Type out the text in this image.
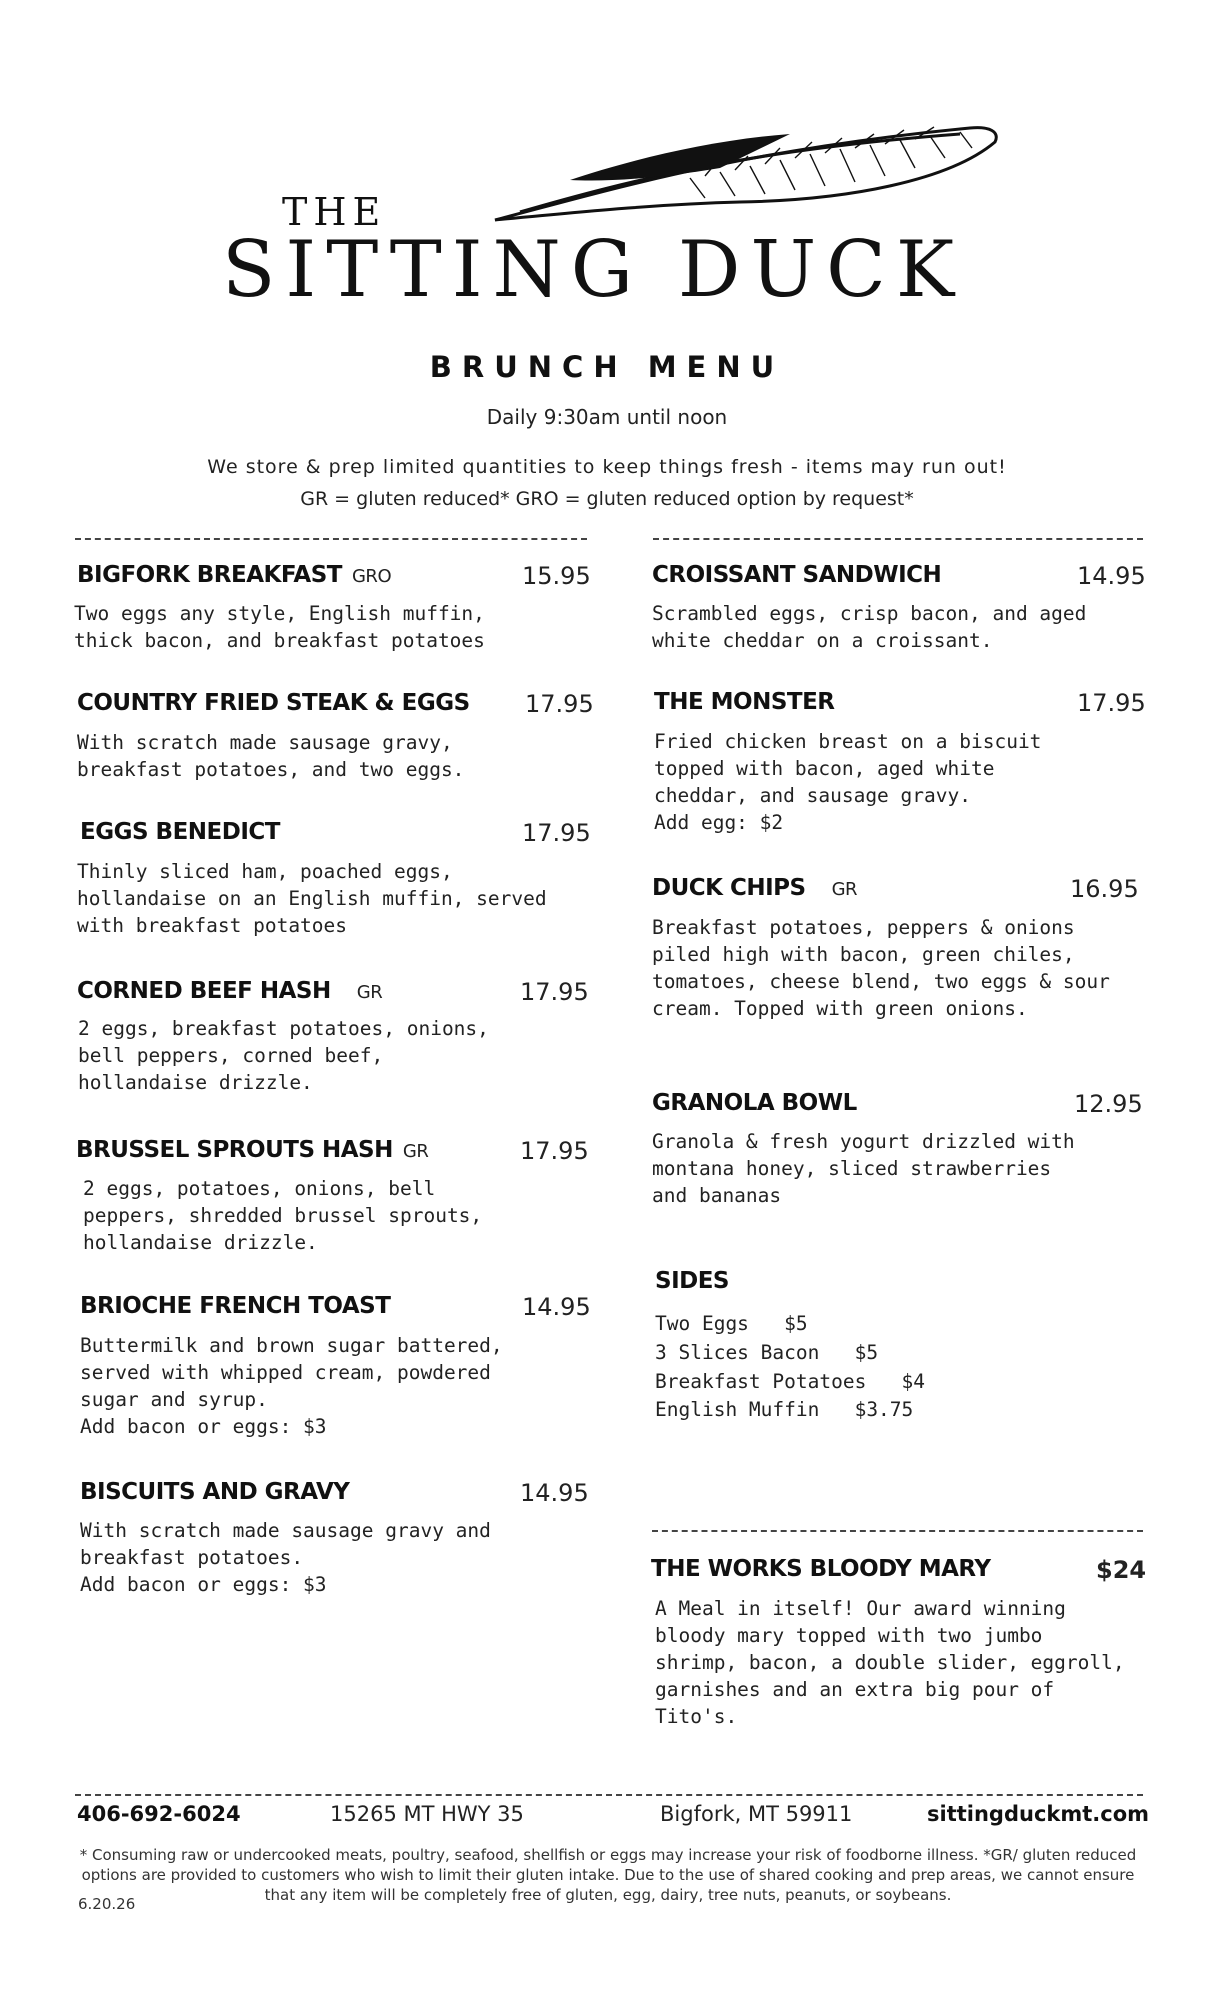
THE
SITTING DUCK
BRUNCH MENU
Daily 9:30am until noon
We store & prep limited quantities to keep things fresh - items may run out!
GR = gluten reduced* GRO = gluten reduced option by request*
BIGFORK BREAKFAST GRO	15.95
Two eggs any style, English muffin,
thick bacon, and breakfast potatoes
COUNTRY FRIED STEAK & EGGS 17.95
With scratch made sausage gravy,
breakfast potatoes, and two eggs.
EGGS BENEDICT	17.95
Thinly sliced ham, poached eggs,
hollandaise on an English muffin, served
with breakfast potatoes
CORNED BEEF HASH GR	17.95
2 eggs, breakfast potatoes, onions,
bell peppers, corned beef,
hollandaise drizzle.
BRUSSEL SPROUTS HASH GR	17.95
2 eggs, potatoes, onions, bell
peppers, shredded brussel sprouts,
hollandaise drizzle.
BRIOCHE FRENCH TOAST	14.95
Buttermilk and brown sugar battered,
served with whipped cream, powdered
sugar and syrup.
Add bacon or eggs: $3
BISCUITS AND GRAVY	14.95
With scratch made sausage gravy and
breakfast potatoes.
Add bacon or eggs: $3
CROISSANT SANDWICH	14.95
Scrambled eggs, crisp bacon, and aged
white cheddar on a croissant.
THE MONSTER	17.95
Fried chicken breast on a biscuit
topped with bacon, aged white
cheddar, and sausage gravy.
Add egg: $2
DUCK CHIPS GR	16.95
Breakfast potatoes, peppers & onions
piled high with bacon, green chiles,
tomatoes, cheese blend, two eggs & sour
cream. Topped with green onions.
GRANOLA BOWL	12.95
Granola & fresh yogurt drizzled with
montana honey, sliced strawberries
and bananas
SIDES
Two Eggs   $5
3 Slices Bacon   $5
Breakfast Potatoes   $4
English Muffin   $3.75
THE WORKS BLOODY MARY	$24
A Meal in itself! Our award winning
bloody mary topped with two jumbo
shrimp, bacon, a double slider, eggroll,
garnishes and an extra big pour of
Tito's.
406-692-6024	15265 MT HWY 35	Bigfork, MT 59911	sittingduckmt.com
* Consuming raw or undercooked meats, poultry, seafood, shellfish or eggs may increase your risk of foodborne illness. *GR/ gluten reduced options are provided to customers who wish to limit their gluten intake. Due to the use of shared cooking and prep areas, we cannot ensure that any item will be completely free of gluten, egg, dairy, tree nuts, peanuts, or soybeans.
6.20.26
